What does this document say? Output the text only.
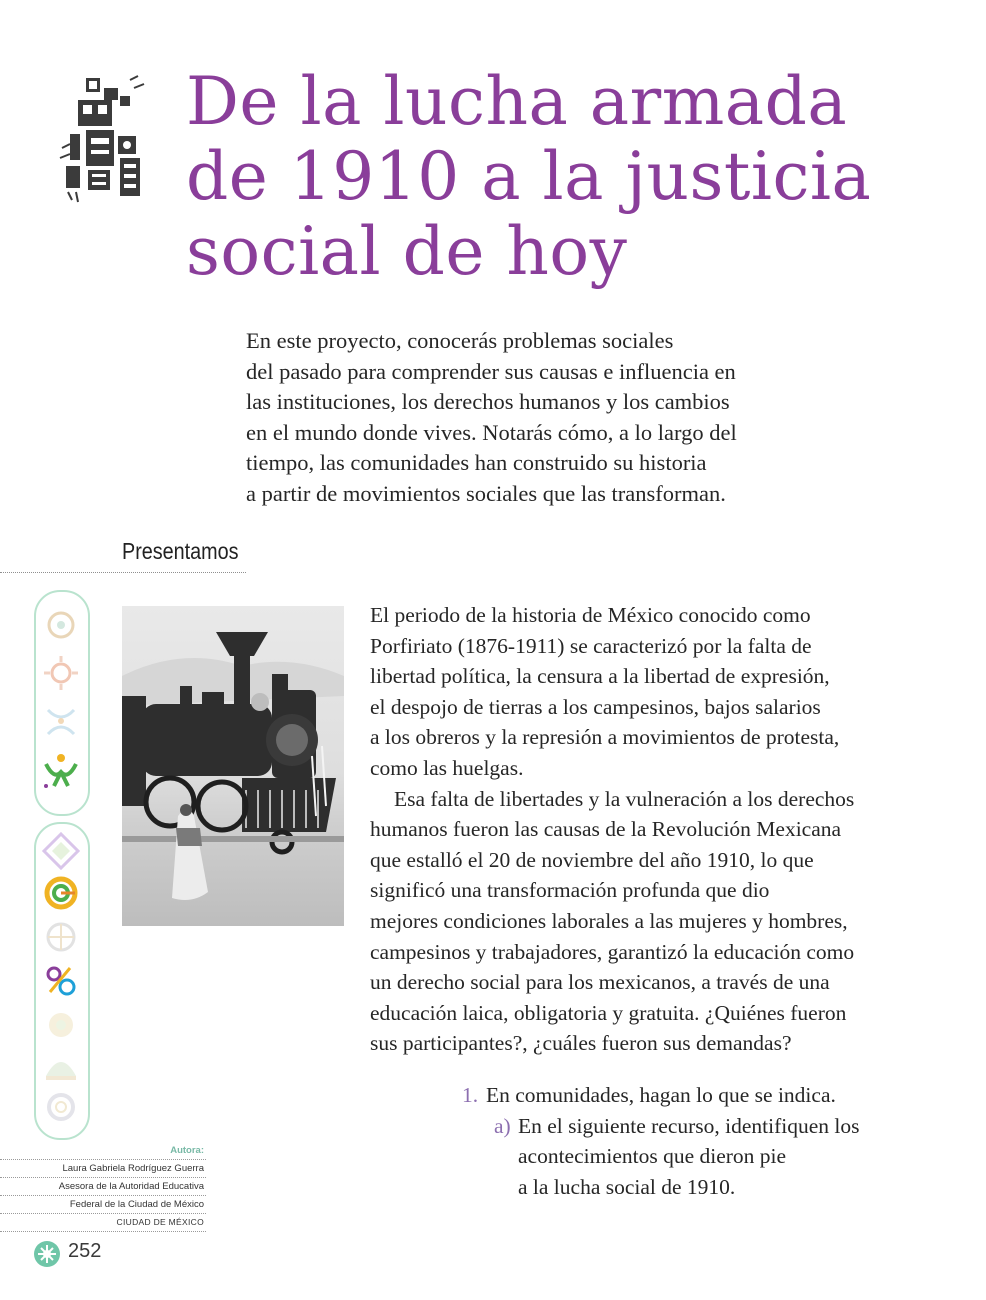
De la lucha armada
de 1910 a la justicia
social de hoy
En este proyecto, conocerás problemas sociales
del pasado para comprender sus causas e influencia en
las instituciones, los derechos humanos y los cambios
en el mundo donde vives. Notarás cómo, a lo largo del
tiempo, las comunidades han construido su historia
a partir de movimientos sociales que las transforman.
Presentamos
El periodo de la historia de México conocido como
Porfiriato (1876-1911) se caracterizó por la falta de
libertad política, la censura a la libertad de expresión,
el despojo de tierras a los campesinos, bajos salarios
a los obreros y la represión a movimientos de protesta,
como las huelgas.
Esa falta de libertades y la vulneración a los derechos
humanos fueron las causas de la Revolución Mexicana
que estalló el 20 de noviembre del año 1910, lo que
significó una transformación profunda que dio
mejores condiciones laborales a las mujeres y hombres,
campesinos y trabajadores, garantizó la educación como
un derecho social para los mexicanos, a través de una
educación laica, obligatoria y gratuita. ¿Quiénes fueron
sus participantes?, ¿cuáles fueron sus demandas?
1. En comunidades, hagan lo que se indica.
a) En el siguiente recurso, identifiquen los
acontecimientos que dieron pie
a la lucha social de 1910.
Autora:
Laura Gabriela Rodríguez Guerra
Asesora de la Autoridad Educativa
Federal de la Ciudad de México
CIUDAD DE MÉXICO
252
